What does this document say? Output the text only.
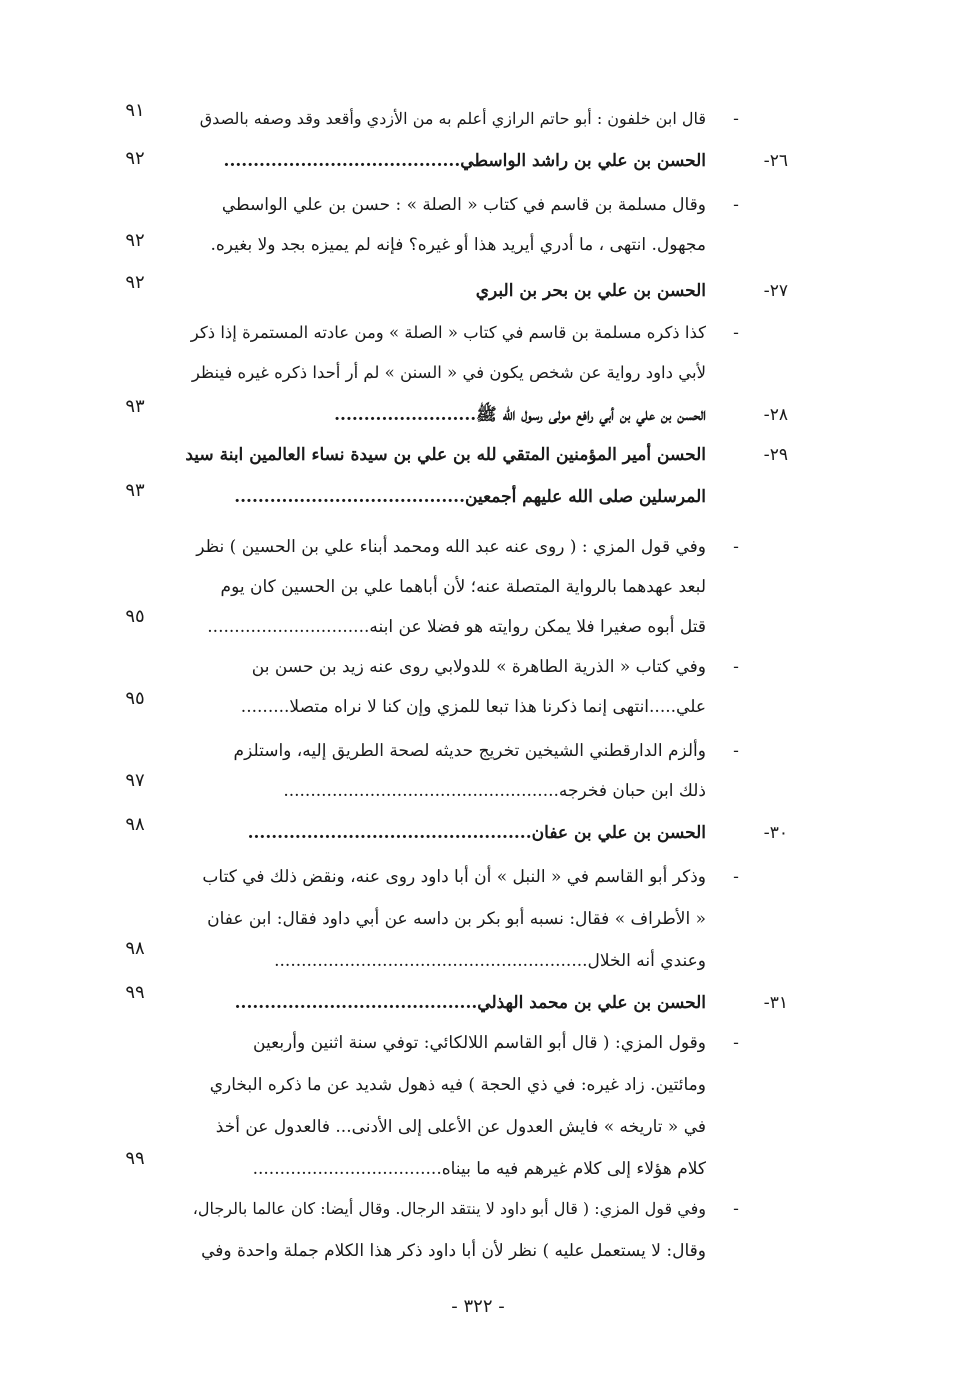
-
قال ابن خلفون : أبو حاتم الرازي أعلم به من الأزدي وأقعد وقد وصفه بالصدق
٢٦-
الحسن بن علي بن راشد الواسطي........................................
-
وقال مسلمة بن قاسم في كتاب « الصلة » : حسن بن علي الواسطي
مجهول. انتهى ، ما أدري أيريد هذا أو غيره؟ فإنه لم يميزه بجد ولا بغيره.
٢٧-
الحسن بن علي بن بحر بن البري
-
كذا ذكره مسلمة بن قاسم في كتاب « الصلة » ومن عادته المستمرة إذا ذكر
لأبي داود رواية عن شخص يكون في « السنن » لم أر أحدا ذكره غيره فينظر
٢٨-
الحسن بن علي بن أبي رافع مولى رسول الله ﷺ........................
٢٩-
الحسن أمير المؤمنين المتقي لله بن علي بن سيدة نساء العالمين ابنة سيد
المرسلين صلى الله عليهم أجمعين.......................................
-
وفي قول المزي : ( روى عنه عبد الله ومحمد أبناء علي بن الحسين ) نظر
لبعد عهدهما بالرواية المتصلة عنه؛ لأن أباهما علي بن الحسين كان يوم
قتل أبوه صغيرا فلا يمكن روايته هو فضلا عن ابنه..............................
-
وفي كتاب « الذرية الطاهرة » للدولابي روى عنه زيد بن حسن بن
علي.....انتهى إنما ذكرنا هذا تبعا للمزي وإن كنا لا نراه متصلا.........
-
وألزم الدارقطني الشيخين تخريج حديثه لصحة الطريق إليه، واستلزم
ذلك ابن حبان فخرجه...................................................
٣٠-
الحسن بن علي بن عفان................................................
-
وذكر أبو القاسم في « النبل » أن أبا داود روى عنه، ونقض ذلك في كتاب
« الأطراف » فقال: نسبه أبو بكر بن داسه عن أبي داود فقال: ابن عفان
وعندي أنه الخلال..........................................................
٣١-
الحسن بن علي بن محمد الهذلي.........................................
-
وقول المزي: ( قال أبو القاسم اللالكائي: توفي سنة اثنين وأربعين
ومائتين. زاد غيره: في ذي الحجة ) فيه ذهول شديد عن ما ذكره البخاري
في « تاريخه » فايش العدول عن الأعلى إلى الأدنى... فالعدول عن أخذ
كلام هؤلاء إلى كلام غيرهم فيه ما بيناه...................................
-
وفي قول المزي: ( قال أبو داود لا ينتقد الرجال. وقال أيضا: كان عالما بالرجال،
وقال: لا يستعمل عليه ) نظر لأن أبا داود ذكر هذا الكلام جملة واحدة وفي
٩١
٩٢
٩٢
٩٢
٩٣
٩٣
٩٥
٩٥
٩٧
٩٨
٩٨
٩٩
٩٩
- ٣٢٢ -
